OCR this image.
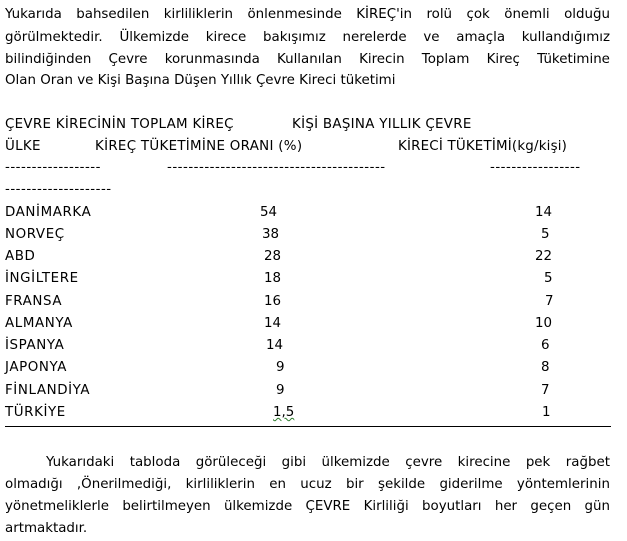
Yukarıda bahsedilen kirliliklerin önlenmesinde KİREÇ'in rolü çok önemli olduğu
görülmektedir. Ülkemizde kirece bakışımız nerelerde ve amaçla kullandığımız
bilindiğinden Çevre korunmasında Kullanılan Kirecin Toplam Kireç Tüketimine
Olan Oran ve Kişi Başına Düşen Yıllık Çevre Kireci tüketimi
ÇEVRE KİRECİNİN TOPLAM KİREÇ	KİŞİ BAŞINA YILLIK ÇEVRE
ÜLKE	KİREÇ TÜKETİMİNE ORANI (%)	KİRECİ TÜKETİMİ(kg/kişi)
------------------	-----------------------------------------	-----------------
--------------------
DANİMARKA	54	14
NORVEÇ	38	5
ABD	28	22
İNGİLTERE	18	5
FRANSA	16	7
ALMANYA	14	10
İSPANYA	14	6
JAPONYA	9	8
FİNLANDİYA	9	7
TÜRKİYE	1,5	1
Yukarıdaki tabloda görüleceği gibi ülkemizde çevre kirecine pek rağbet
olmadığı ,Önerilmediği, kirliliklerin en ucuz bir şekilde giderilme yöntemlerinin
yönetmeliklerle belirtilmeyen ülkemizde ÇEVRE Kirliliği boyutları her geçen gün
artmaktadır.
